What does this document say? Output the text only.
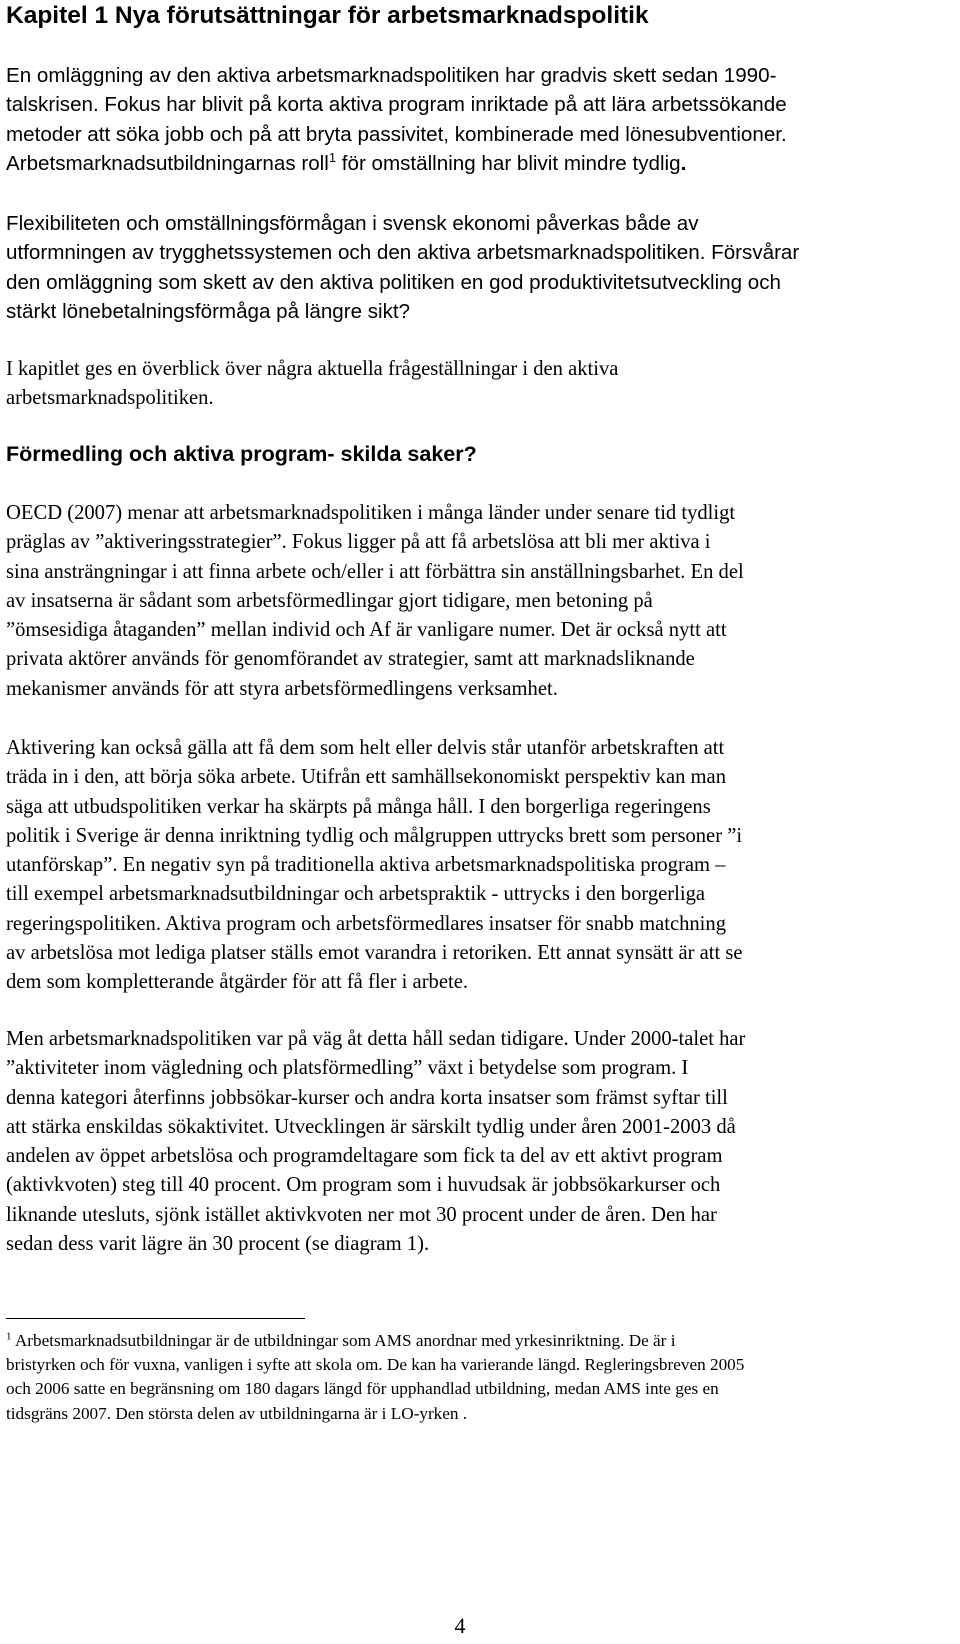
Kapitel 1 Nya förutsättningar för arbetsmarknadspolitik

En omläggning av den aktiva arbetsmarknadspolitiken har gradvis skett sedan 1990-
talskrisen. Fokus har blivit på korta aktiva program inriktade på att lära arbetssökande
metoder att söka jobb och på att bryta passivitet, kombinerade med lönesubventioner.
Arbetsmarknadsutbildningarnas roll$^1$ för omställning har blivit mindre tydlig.

Flexibiliteten och omställningsförmågan i svensk ekonomi påverkas både av
utformningen av trygghetssystemen och den aktiva arbetsmarknadspolitiken. Försvårar
den omläggning som skett av den aktiva politiken en god produktivitetsutveckling och
stärkt lönebetalningsförmåga på längre sikt?

I kapitlet ges en överblick över några aktuella frågeställningar i den aktiva
arbetsmarknadspolitiken.

Förmedling och aktiva program- skilda saker?

OECD (2007) menar att arbetsmarknadspolitiken i många länder under senare tid tydligt
präglas av ”aktiveringsstrategier”. Fokus ligger på att få arbetslösa att bli mer aktiva i
sina ansträngningar i att finna arbete och/eller i att förbättra sin anställningsbarhet. En del
av insatserna är sådant som arbetsförmedlingar gjort tidigare, men betoning på
”ömsesidiga åtaganden” mellan individ och Af är vanligare numer. Det är också nytt att
privata aktörer används för genomförandet av strategier, samt att marknadsliknande
mekanismer används för att styra arbetsförmedlingens verksamhet.

Aktivering kan också gälla att få dem som helt eller delvis står utanför arbetskraften att
träda in i den, att börja söka arbete. Utifrån ett samhällsekonomiskt perspektiv kan man
säga att utbudspolitiken verkar ha skärpts på många håll. I den borgerliga regeringens
politik i Sverige är denna inriktning tydlig och målgruppen uttrycks brett som personer ”i
utanförskap”. En negativ syn på traditionella aktiva arbetsmarknadspolitiska program –
till exempel arbetsmarknadsutbildningar och arbetspraktik - uttrycks i den borgerliga
regeringspolitiken. Aktiva program och arbetsförmedlares insatser för snabb matchning
av arbetslösa mot lediga platser ställs emot varandra i retoriken. Ett annat synsätt är att se
dem som kompletterande åtgärder för att få fler i arbete.

Men arbetsmarknadspolitiken var på väg åt detta håll sedan tidigare. Under 2000-talet har
”aktiviteter inom vägledning och platsförmedling” växt i betydelse som program. I
denna kategori återfinns jobbsökar-kurser och andra korta insatser som främst syftar till
att stärka enskildas sökaktivitet. Utvecklingen är särskilt tydlig under åren 2001-2003 då
andelen av öppet arbetslösa och programdeltagare som fick ta del av ett aktivt program
(aktivkvoten) steg till 40 procent. Om program som i huvudsak är jobbsökarkurser och
liknande utesluts, sjönk istället aktivkvoten ner mot 30 procent under de åren. Den har
sedan dess varit lägre än 30 procent (se diagram 1).

$^1$ Arbetsmarknadsutbildningar är de utbildningar som AMS anordnar med yrkesinriktning. De är i
bristyrken och för vuxna, vanligen i syfte att skola om. De kan ha varierande längd. Regleringsbreven 2005
och 2006 satte en begränsning om 180 dagars längd för upphandlad utbildning, medan AMS inte ges en
tidsgräns 2007. Den största delen av utbildningarna är i LO-yrken .

4
